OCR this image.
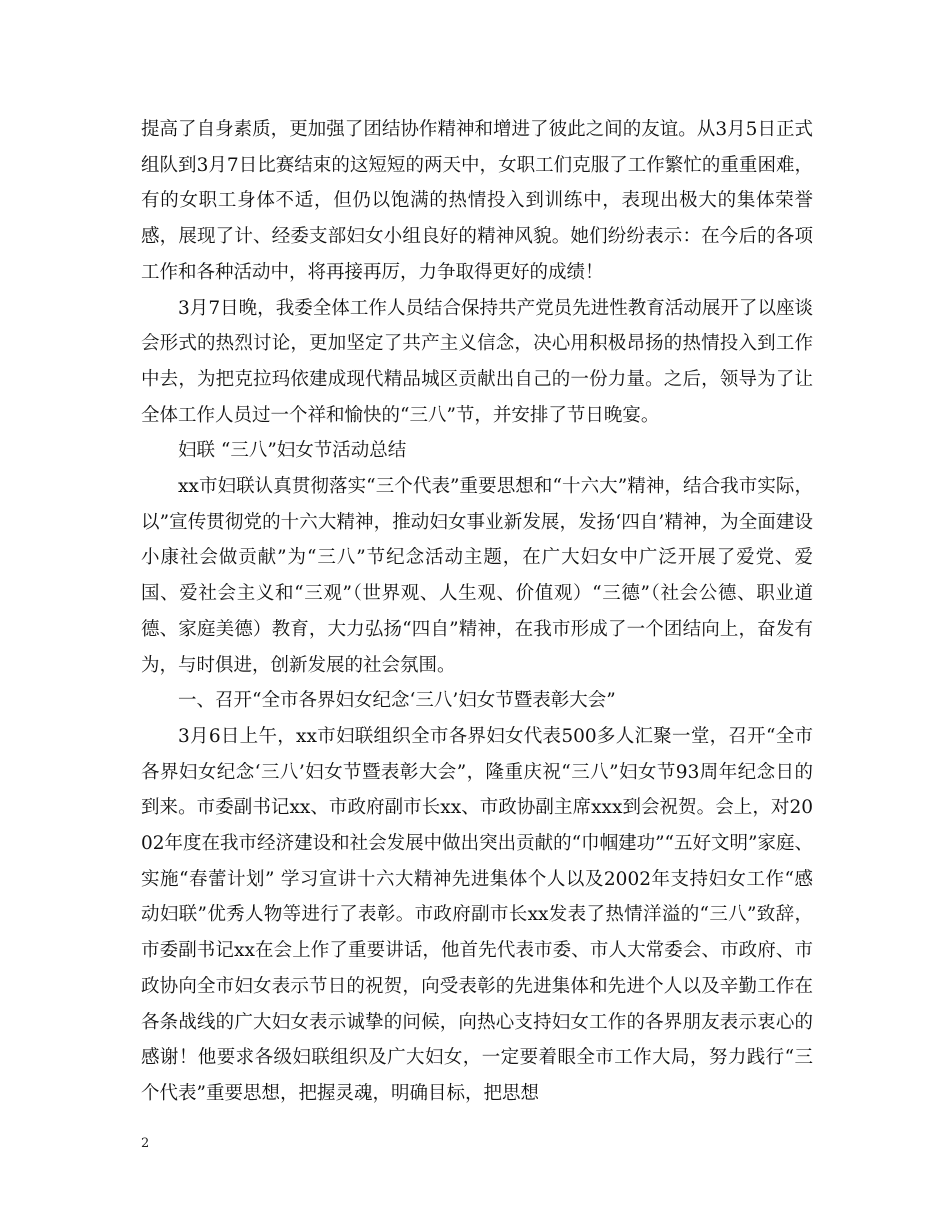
提高了自身素质，更加强了团结协作精神和增进了彼此之间的友谊。从3月5日正式组队到3月7日比赛结束的这短短的两天中，女职工们克服了工作繁忙的重重困难，有的女职工身体不适，但仍以饱满的热情投入到训练中，表现出极大的集体荣誉感，展现了计、经委支部妇女小组良好的精神风貌。她们纷纷表示：在今后的各项工作和各种活动中，将再接再厉，力争取得更好的成绩！

3月7日晚，我委全体工作人员结合保持共产党员先进性教育活动展开了以座谈会形式的热烈讨论，更加坚定了共产主义信念，决心用积极昂扬的热情投入到工作中去，为把克拉玛依建成现代精品城区贡献出自己的一份力量。之后，领导为了让全体工作人员过一个祥和愉快的“三八”节，并安排了节日晚宴。

妇联 “三八”妇女节活动总结

xx市妇联认真贯彻落实“三个代表”重要思想和“十六大”精神，结合我市实际，以”宣传贯彻党的十六大精神，推动妇女事业新发展，发扬‘四自’精神，为全面建设小康社会做贡献”为“三八”节纪念活动主题，在广大妇女中广泛开展了爱党、爱国、爱社会主义和“三观”（世界观、人生观、价值观）“三德”（社会公德、职业道德、家庭美德）教育，大力弘扬“四自”精神，在我市形成了一个团结向上，奋发有为，与时俱进，创新发展的社会氛围。

一、召开“全市各界妇女纪念‘三八’妇女节暨表彰大会”

3月6日上午，xx市妇联组织全市各界妇女代表500多人汇聚一堂，召开“全市各界妇女纪念‘三八’妇女节暨表彰大会”，隆重庆祝“三八”妇女节93周年纪念日的到来。市委副书记xx、市政府副市长xx、市政协副主席xxx到会祝贺。会上，对2002年度在我市经济建设和社会发展中做出突出贡献的“巾帼建功”“五好文明”家庭、实施“春蕾计划” 学习宣讲十六大精神先进集体个人以及2002年支持妇女工作“感动妇联”优秀人物等进行了表彰。市政府副市长xx发表了热情洋溢的“三八”致辞，市委副书记xx在会上作了重要讲话，他首先代表市委、市人大常委会、市政府、市政协向全市妇女表示节日的祝贺，向受表彰的先进集体和先进个人以及辛勤工作在各条战线的广大妇女表示诚挚的问候，向热心支持妇女工作的各界朋友表示衷心的感谢！他要求各级妇联组织及广大妇女，一定要着眼全市工作大局，努力践行“三个代表”重要思想，把握灵魂，明确目标，把思想

2
